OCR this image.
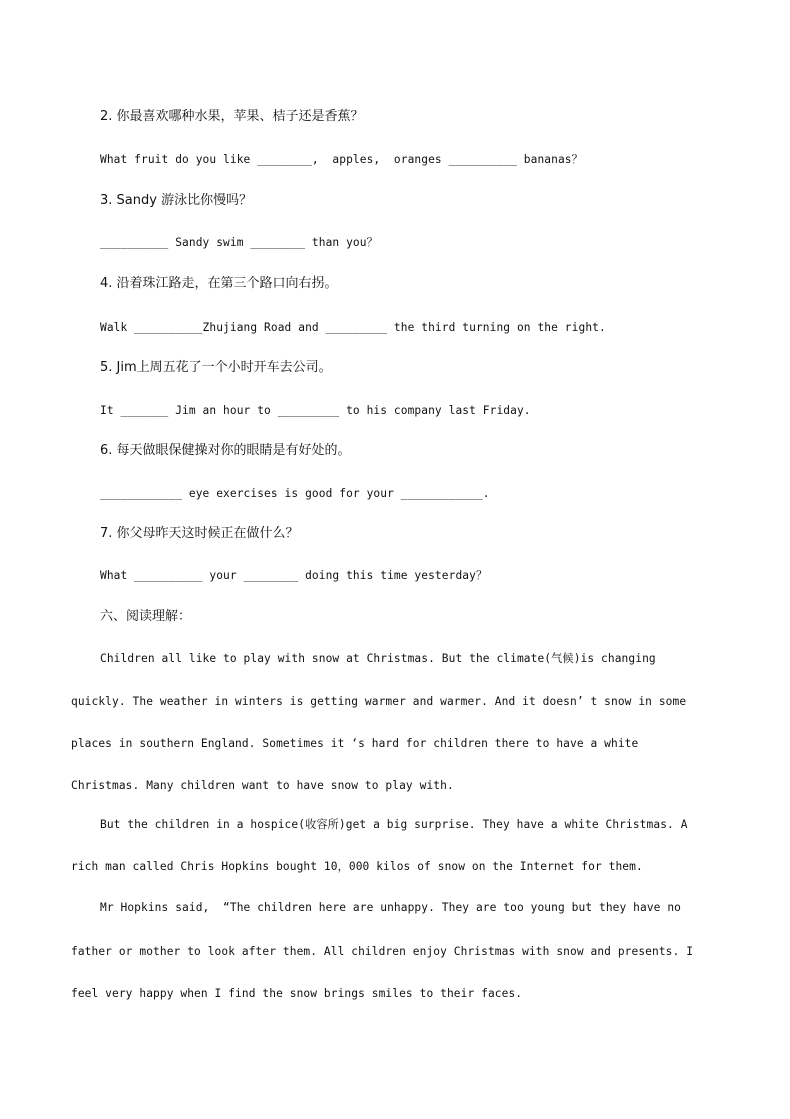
2. 你最喜欢哪种水果，苹果、桔子还是香蕉？
What fruit do you like ________,  apples,  oranges __________ bananas？
3. Sandy 游泳比你慢吗？
__________ Sandy swim ________ than you？
4. 沿着珠江路走，在第三个路口向右拐。
Walk __________Zhujiang Road and _________ the third turning on the right.
5. Jim上周五花了一个小时开车去公司。
It _______ Jim an hour to _________ to his company last Friday.
6. 每天做眼保健操对你的眼睛是有好处的。
____________ eye exercises is good for your ____________.
7. 你父母昨天这时候正在做什么？
What __________ your ________ doing this time yesterday？
六、阅读理解：
Children all like to play with snow at Christmas. But the climate(气候)is changing
quickly. The weather in winters is getting warmer and warmer. And it doesn’ t snow in some
places in southern England. Sometimes it ‘s hard for children there to have a white
Christmas. Many children want to have snow to play with.
But the children in a hospice(收容所)get a big surprise. They have a white Christmas. A
rich man called Chris Hopkins bought 10，000 kilos of snow on the Internet for them.
Mr Hopkins said,  “The children here are unhappy. They are too young but they have no
father or mother to look after them. All children enjoy Christmas with snow and presents. I
feel very happy when I find the snow brings smiles to their faces.
